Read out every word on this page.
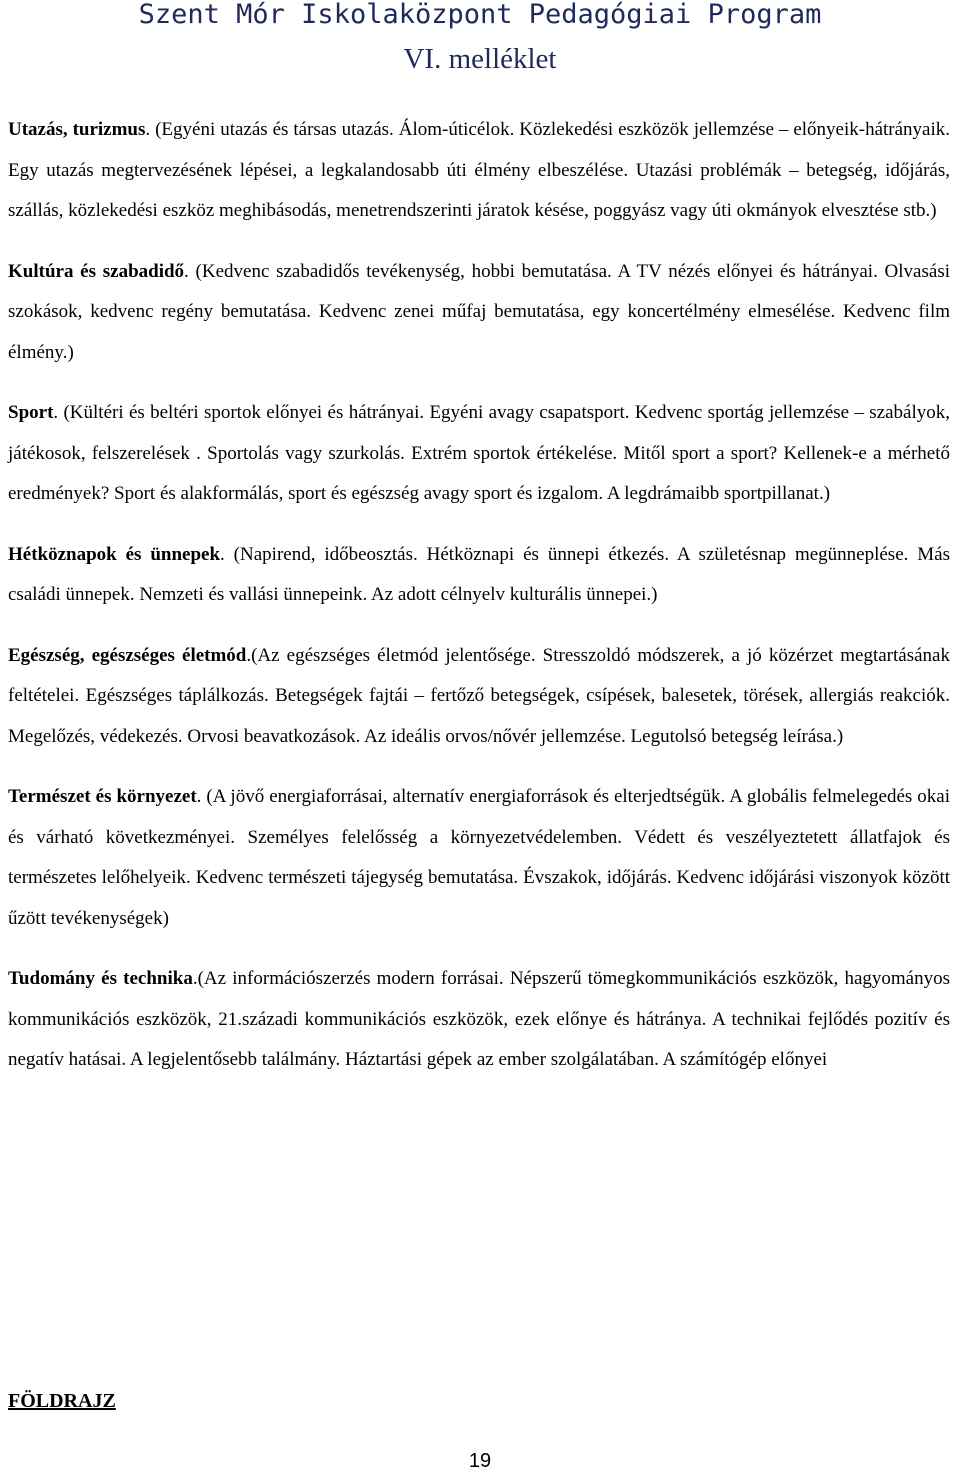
Szent Mór Iskolaközpont Pedagógiai Program
VI. melléklet

Utazás, turizmus. (Egyéni utazás és társas utazás. Álom-úticélok. Közlekedési eszközök jellemzése – előnyeik-hátrányaik. Egy utazás megtervezésének lépései, a legkalandosabb úti élmény elbeszélése. Utazási problémák – betegség, időjárás, szállás, közlekedési eszköz meghibásodás, menetrendszerinti járatok késése, poggyász vagy úti okmányok elvesztése stb.)

Kultúra és szabadidő. (Kedvenc szabadidős tevékenység, hobbi bemutatása. A TV nézés előnyei és hátrányai. Olvasási szokások, kedvenc regény bemutatása. Kedvenc zenei műfaj bemutatása, egy koncertélmény elmesélése. Kedvenc film élmény.)

Sport. (Kültéri és beltéri sportok előnyei és hátrányai. Egyéni avagy csapatsport. Kedvenc sportág jellemzése – szabályok, játékosok, felszerelések . Sportolás vagy szurkolás. Extrém sportok értékelése. Mitől sport a sport? Kellenek-e a mérhető eredmények? Sport és alakformálás, sport és egészség avagy sport és izgalom. A legdrámaibb sportpillanat.)

Hétköznapok és ünnepek. (Napirend, időbeosztás. Hétköznapi és ünnepi étkezés. A születésnap megünneplése. Más családi ünnepek. Nemzeti és vallási ünnepeink. Az adott célnyelv kulturális ünnepei.)

Egészség, egészséges életmód.(Az egészséges életmód jelentősége. Stresszoldó módszerek, a jó közérzet megtartásának feltételei. Egészséges táplálkozás. Betegségek fajtái – fertőző betegségek, csípések, balesetek, törések, allergiás reakciók. Megelőzés, védekezés. Orvosi beavatkozások. Az ideális orvos/nővér jellemzése. Legutolsó betegség leírása.)

Természet és környezet. (A jövő energiaforrásai, alternatív energiaforrások és elterjedtségük. A globális felmelegedés okai és várható következményei. Személyes felelősség a környezetvédelemben. Védett és veszélyeztetett állatfajok és természetes lelőhelyeik. Kedvenc természeti tájegység bemutatása. Évszakok, időjárás. Kedvenc időjárási viszonyok között űzött tevékenységek)

Tudomány és technika.(Az információszerzés modern forrásai. Népszerű tömegkommunikációs eszközök, hagyományos kommunikációs eszközök, 21.századi kommunikációs eszközök, ezek előnye és hátránya. A technikai fejlődés pozitív és negatív hatásai. A legjelentősebb találmány. Háztartási gépek az ember szolgálatában. A számítógép előnyei

FÖLDRAJZ
19
